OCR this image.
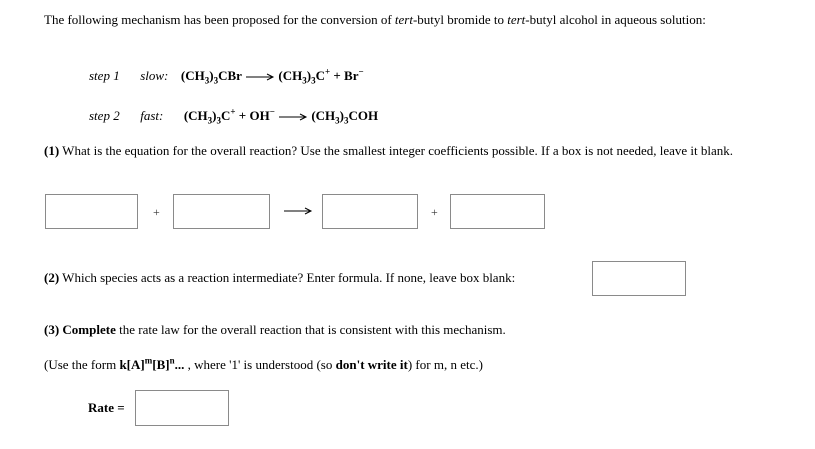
The following mechanism has been proposed for the conversion of tert-butyl bromide to tert-butyl alcohol in aqueous solution:
step 1 slow: $(CH_3)_3CBr \to (CH_3)_3C^+ + Br^-$
step 2 fast: $(CH_3)_3C^+ + OH^- \to (CH_3)_3COH$
(1) What is the equation for the overall reaction? Use the smallest integer coefficients possible. If a box is not needed, leave it blank.
+	+
(2) Which species acts as a reaction intermediate? Enter formula. If none, leave box blank:
(3) Complete the rate law for the overall reaction that is consistent with this mechanism.
(Use the form $k[A]^m[B]^n$... , where '1' is understood (so don't write it) for m, n etc.)
Rate =
